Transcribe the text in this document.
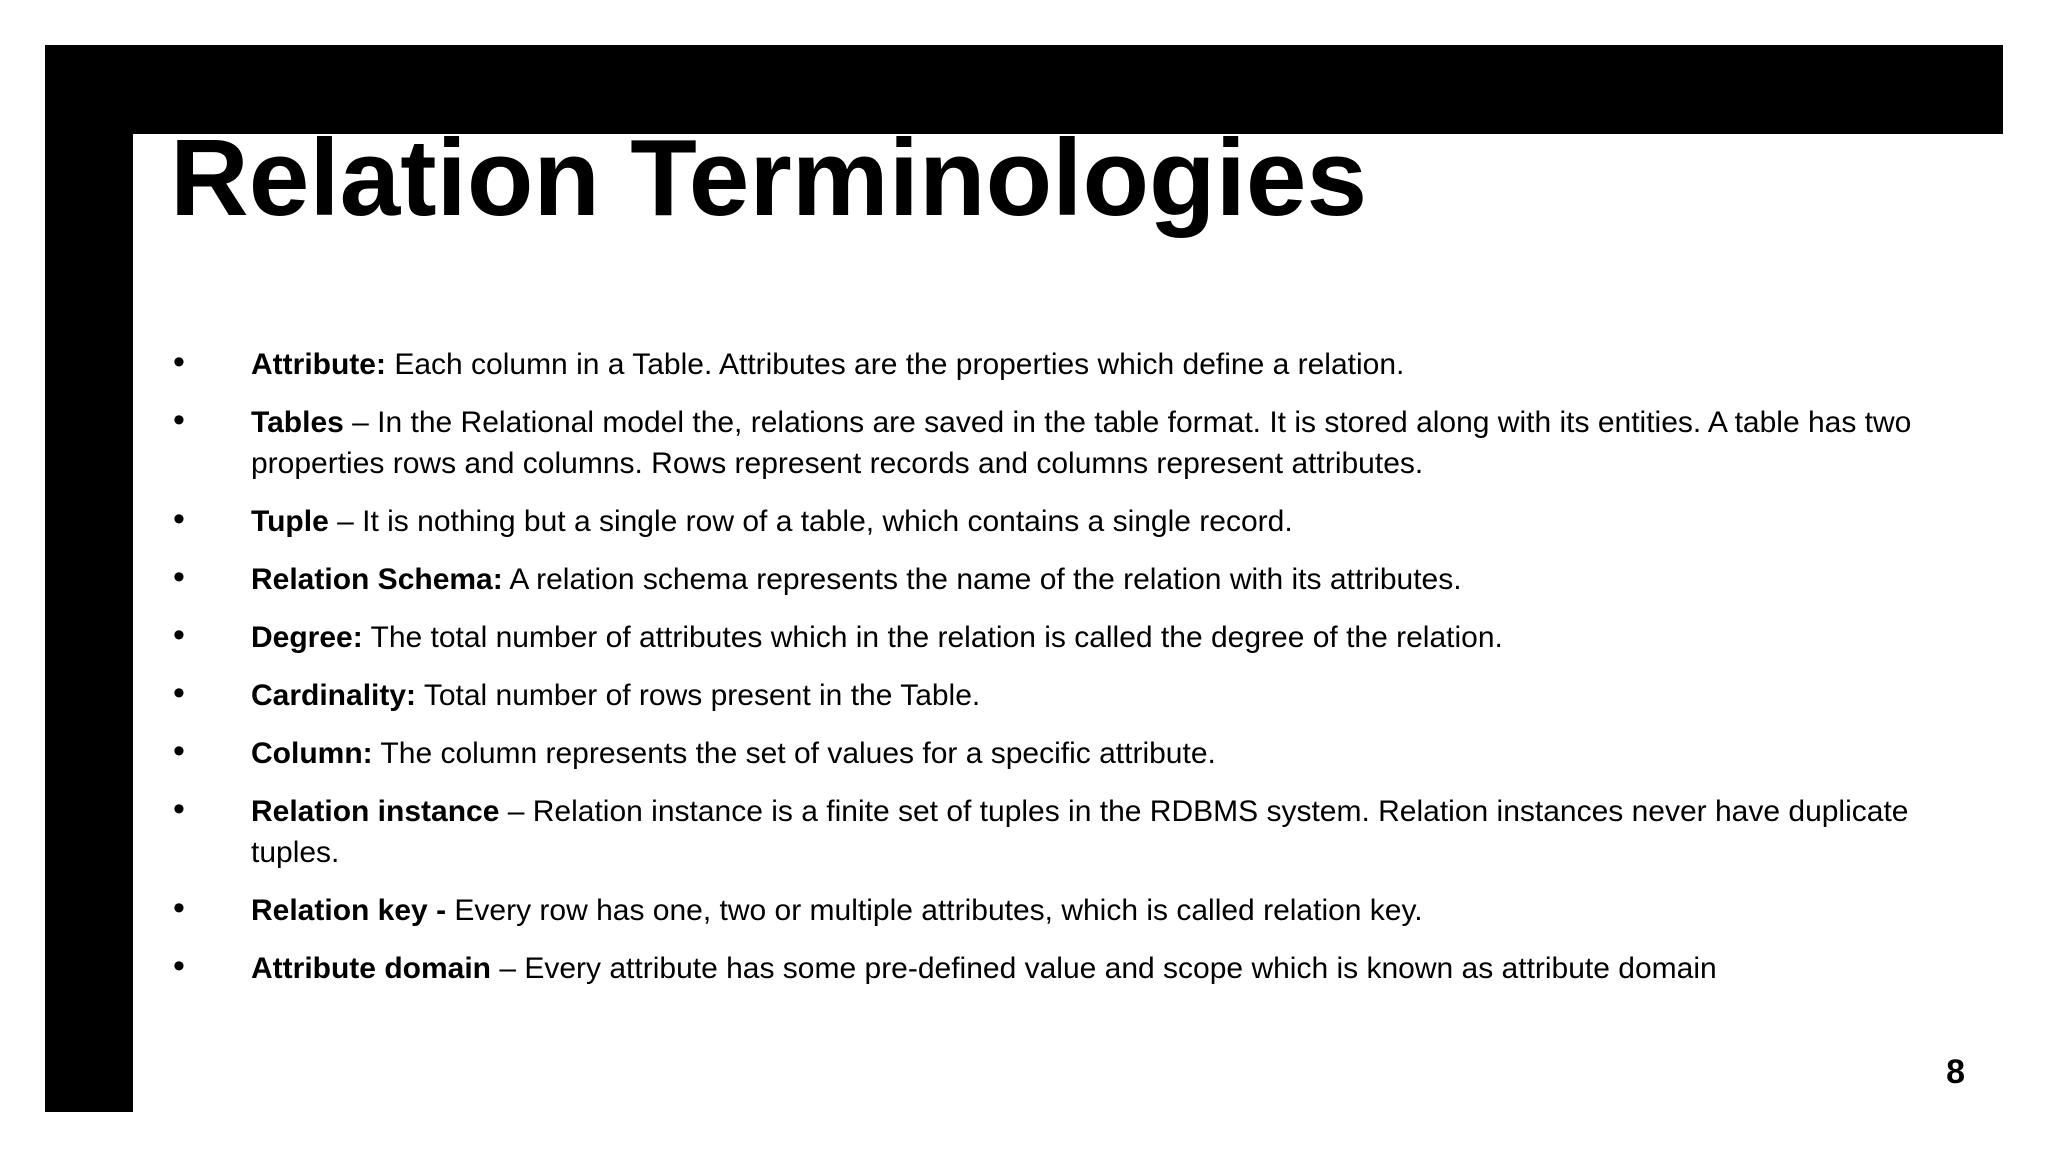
Relation Terminologies
• Attribute: Each column in a Table. Attributes are the properties which define a relation.
• Tables – In the Relational model the, relations are saved in the table format. It is stored along with its entities. A table has two properties rows and columns. Rows represent records and columns represent attributes.
• Tuple – It is nothing but a single row of a table, which contains a single record.
• Relation Schema: A relation schema represents the name of the relation with its attributes.
• Degree: The total number of attributes which in the relation is called the degree of the relation.
• Cardinality: Total number of rows present in the Table.
• Column: The column represents the set of values for a specific attribute.
• Relation instance – Relation instance is a finite set of tuples in the RDBMS system. Relation instances never have duplicate tuples.
• Relation key - Every row has one, two or multiple attributes, which is called relation key.
• Attribute domain – Every attribute has some pre-defined value and scope which is known as attribute domain
8
